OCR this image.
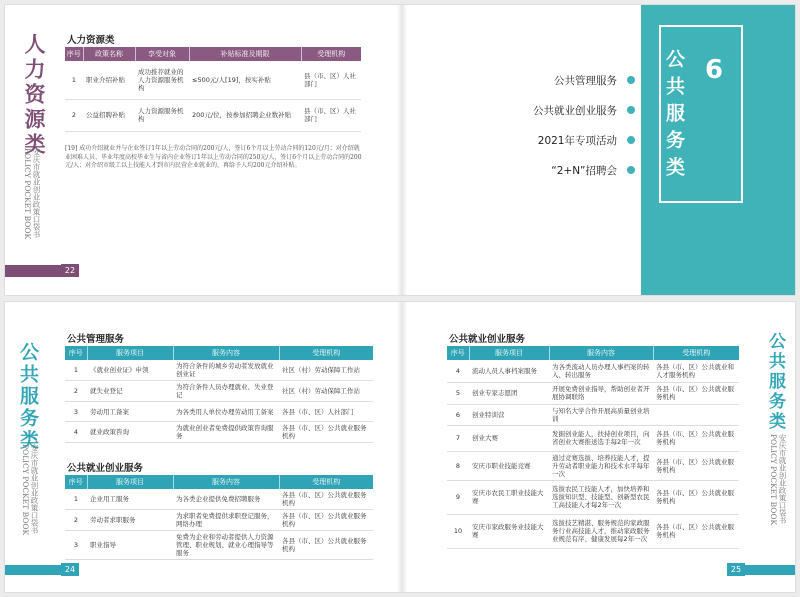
人力资源类
安庆市就业创业政策口袋书 POLICY POCKET BOOK
人力资源类
序号	政策名称	享受对象	补贴标准及期限	受理机构
1	职业介绍补贴	成功推荐就业的人力资源服务机构	≤500元/人[19]，按实补贴	县（市、区）人社部门
2	公益招聘补贴	人力资源服务机构	200元/位，按参加招聘企业数补贴	县（市、区）人社部门
[19] 成功介绍就业并与企业签订1年以上劳动合同的200元/人，签订6个月以上劳动合同的120元/月；对介绍就业困难人员、毕业年度高校毕业生与省内企业签订1年以上劳动合同的250元/人，签订6个月以上劳动合同的200元/人；对介绍市级工以上技能人才到市内民营企业就业的，再给予人均200元介绍补贴。
22
公共管理服务
公共就业创业服务
2021年专项活动
“2+N”招聘会 公共服务类 6
公共服务类
安庆市就业创业政策口袋书 POLICY POCKET BOOK
公共管理服务
序号	服务项目	服务内容	受理机构
1	《就业创业证》申领	为符合条件的城乡劳动者发放就业创业证	社区（村）劳动保障工作站
2	就失业登记	为符合条件人员办理就业、失业登记	社区（村）劳动保障工作站
3	劳动用工备案	为各类用人单位办理劳动用工备案	各县（市、区）人社部门
4	就业政策咨询	为就业创业者免费提供政策咨询服务	各县（市、区）公共就业服务机构
公共就业创业服务
序号	服务项目	服务内容	受理机构
1	企业用工服务	为各类企业提供免费招聘服务	各县（市、区）公共就业服务机构
2	劳动者求职服务	为求职者免费提供求职登记服务，网络办理	各县（市、区）公共就业服务机构
3	职业指导	免费为企业和劳动者提供人力资源管理、职业规划、就业心理指导等服务	各县（市、区）公共就业服务机构
24
公共就业创业服务
序号	服务项目	服务内容	受理机构
4	流动人员人事档案服务	为各类流动人员办理人事档案的转入、转出服务	各县（市、区）公共就业和人才服务机构
5	创业专家志愿团	开展免费创业指导，帮助创业者开展协调联络	各县（市、区）公共就业服务机构
6	创业特训营	与知名大学合作开展高质量创业培训	
7	创业大赛	发掘创业能人，扶持创业项目，向省创业大赛推送选手每2年一次	各县（市、区）公共就业服务机构
8	安庆市职业技能竞赛	通过竞赛选拔、培养技能人才，提升劳动者职业能力和技术水平每年一次	各县（市、区）公共就业服务机构
9	安庆市农民工职业技能大赛	选拔农民工技能人才，加快培养和选拔知识型、技能型、创新型农民工高技能人才每2年一次	各县（市、区）公共就业服务机构
10	安庆市家政服务业技能大赛	选拔技艺精湛、服务规范的家政服务行业高技能人才，推动家政服务业规范有序、健康发展每2年一次	各县（市、区）公共就业服务机构
公共服务类
安庆市就业创业政策口袋书 POLICY POCKET BOOK
25
